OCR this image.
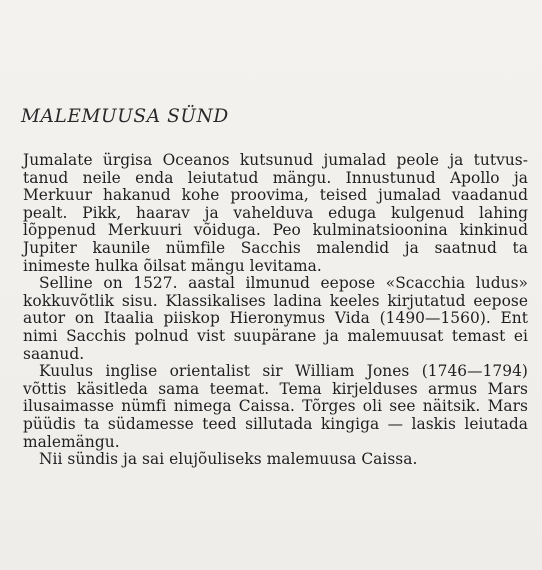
MALEMUUSA SÜND
Jumalate ürgisa Oceanos kutsunud jumalad peole ja tutvus-
tanud neile enda leiutatud mängu. Innustunud Apollo ja
Merkuur hakanud kohe proovima, teised jumalad vaadanud
pealt. Pikk, haarav ja vahelduva eduga kulgenud lahing
lõppenud Merkuuri võiduga. Peo kulminatsioonina kinkinud
Jupiter kaunile nümfile Sacchis malendid ja saatnud ta
inimeste hulka õilsat mängu levitama.
Selline on 1527. aastal ilmunud eepose «Scacchia ludus»
kokkuvõtlik sisu. Klassikalises ladina keeles kirjutatud eepose
autor on Itaalia piiskop Hieronymus Vida (1490—1560). Ent
nimi Sacchis polnud vist suupärane ja malemuusat temast ei
saanud.
Kuulus inglise orientalist sir William Jones (1746—1794)
võttis käsitleda sama teemat. Tema kirjelduses armus Mars
ilusaimasse nümfi nimega Caissa. Tõrges oli see näitsik. Mars
püüdis ta südamesse teed sillutada kingiga — laskis leiutada
malemängu.
Nii sündis ja sai elujõuliseks malemuusa Caissa.
